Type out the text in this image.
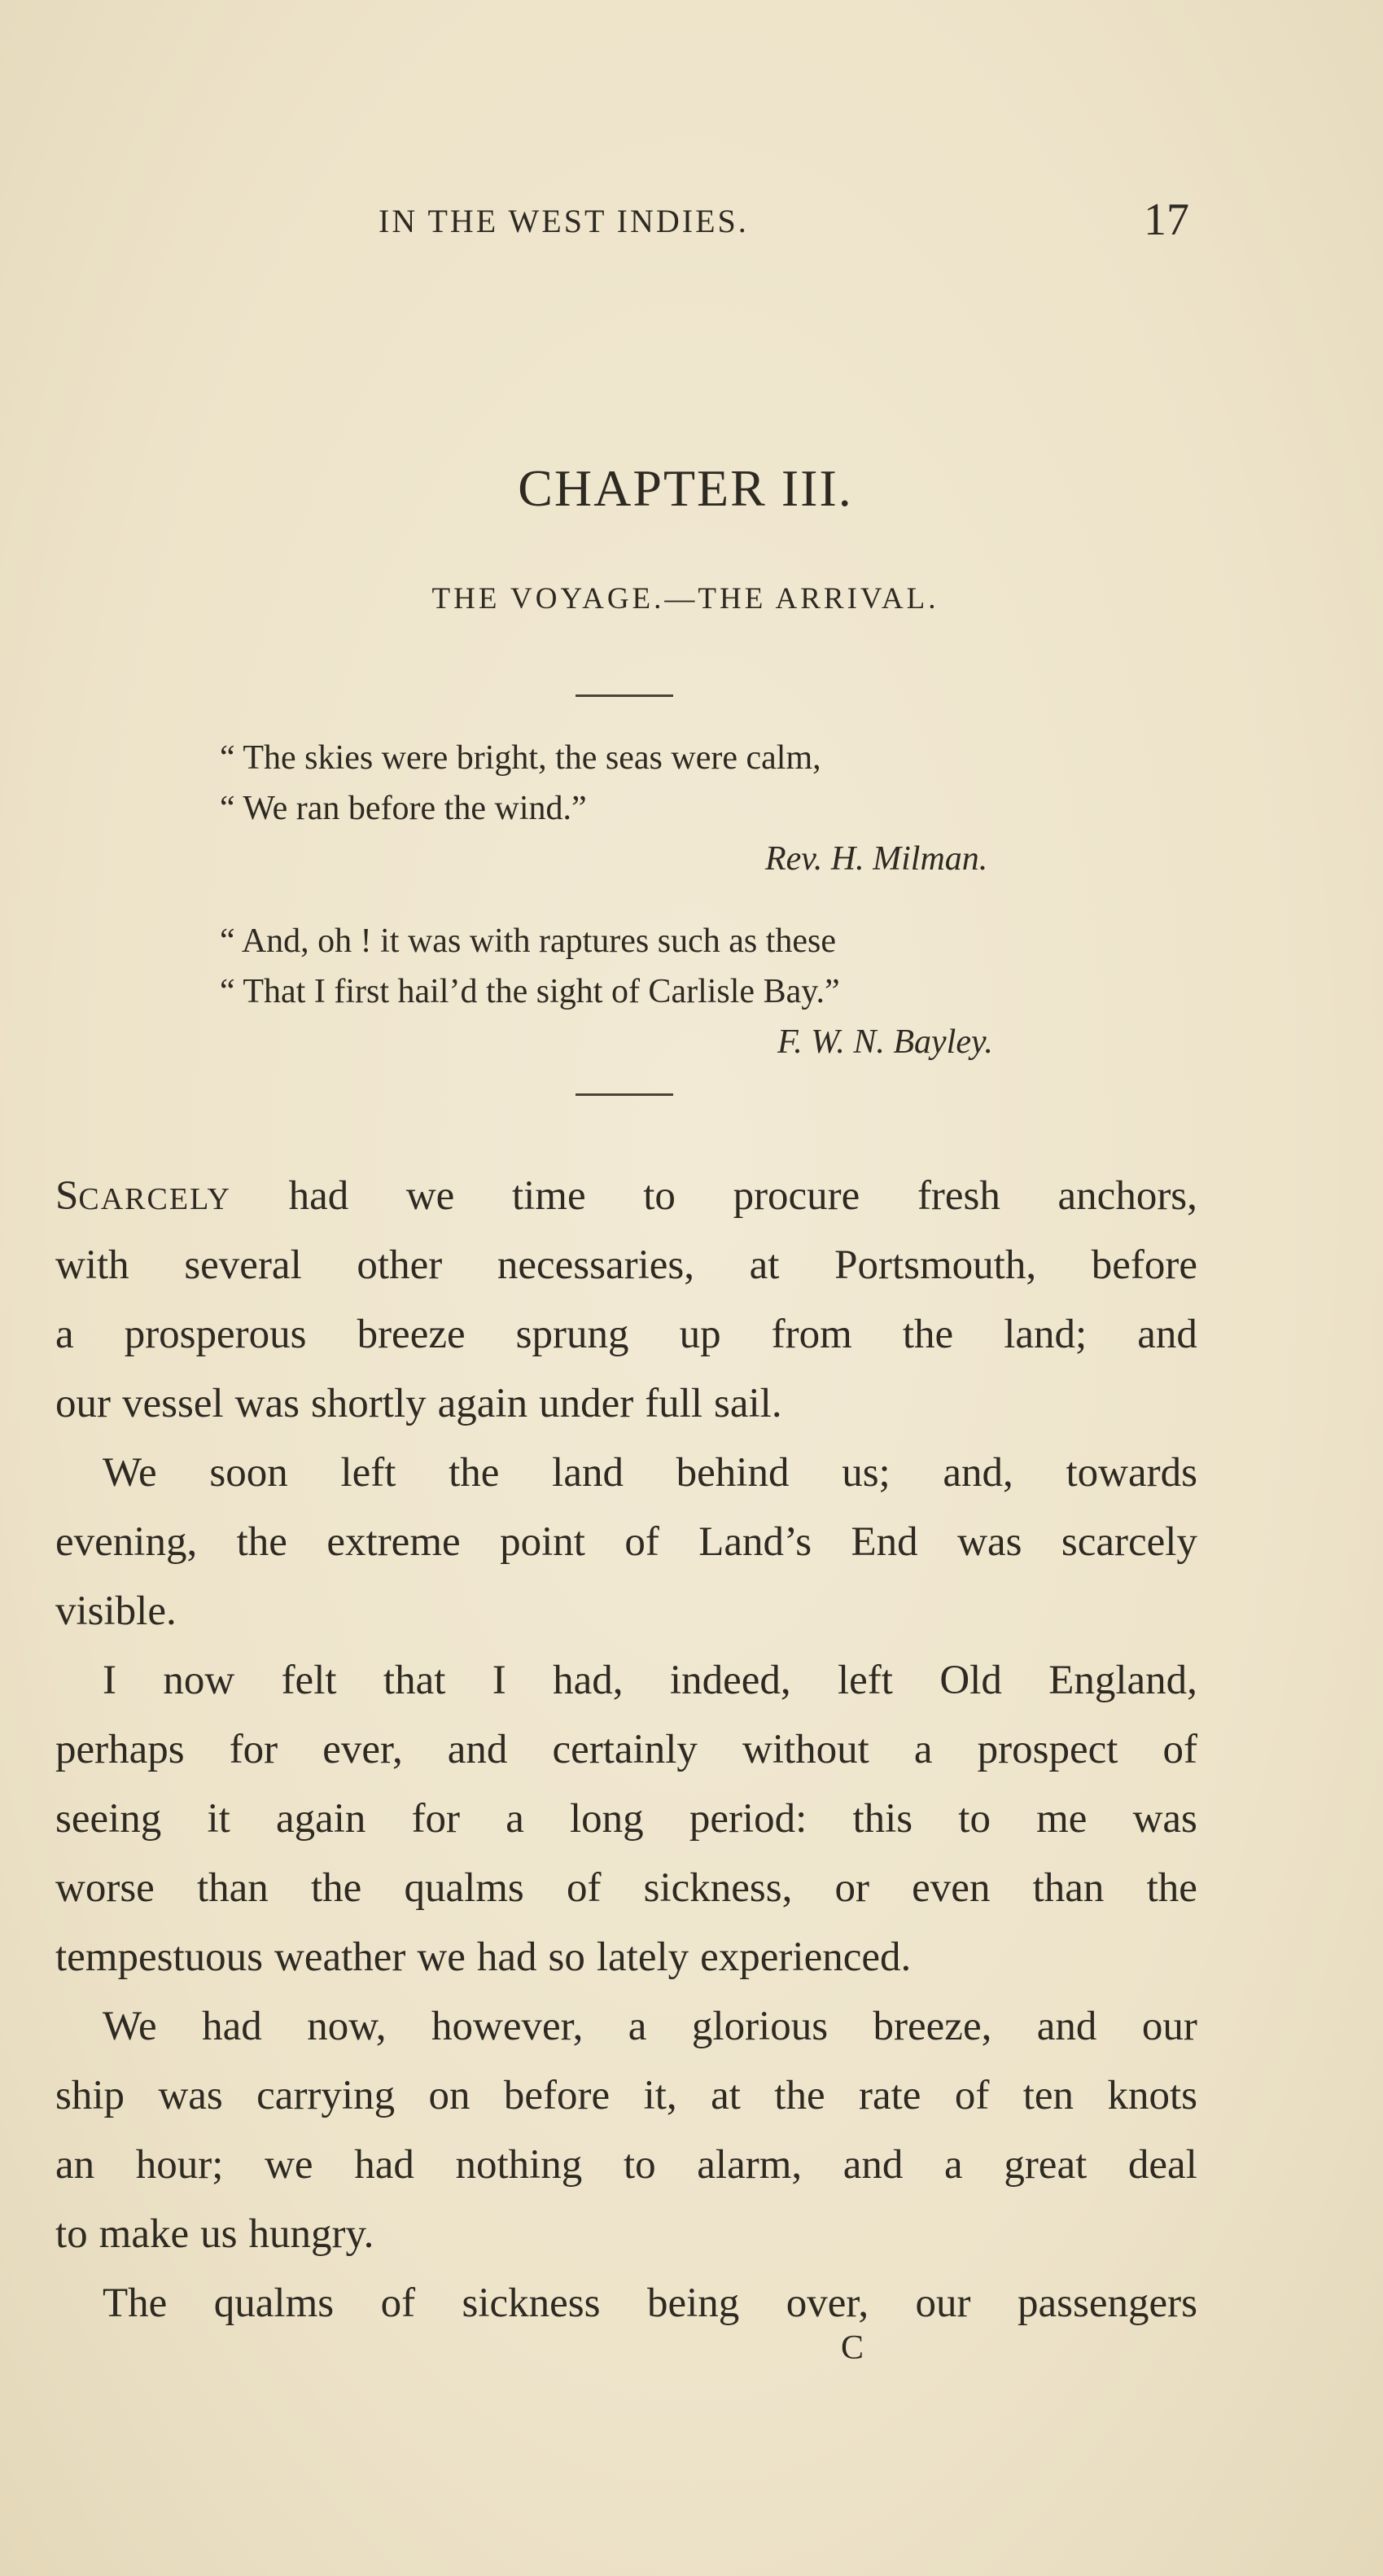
IN THE WEST INDIES.	17
CHAPTER III.
THE VOYAGE.—THE ARRIVAL.
“ The skies were bright, the seas were calm,
“ We ran before the wind.”
Rev. H. Milman.
“ And, oh ! it was with raptures such as these
“ That I first hail’d the sight of Carlisle Bay.”
F. W. N. Bayley.
SCARCELY had we time to procure fresh anchors,
with several other necessaries, at Portsmouth, before
a prosperous breeze sprung up from the land; and
our vessel was shortly again under full sail.
We soon left the land behind us; and, towards
evening, the extreme point of Land’s End was scarcely
visible.
I now felt that I had, indeed, left Old England,
perhaps for ever, and certainly without a prospect of
seeing it again for a long period: this to me was
worse than the qualms of sickness, or even than the
tempestuous weather we had so lately experienced.
We had now, however, a glorious breeze, and our
ship was carrying on before it, at the rate of ten knots
an hour; we had nothing to alarm, and a great deal
to make us hungry.
The qualms of sickness being over, our passengers
C
